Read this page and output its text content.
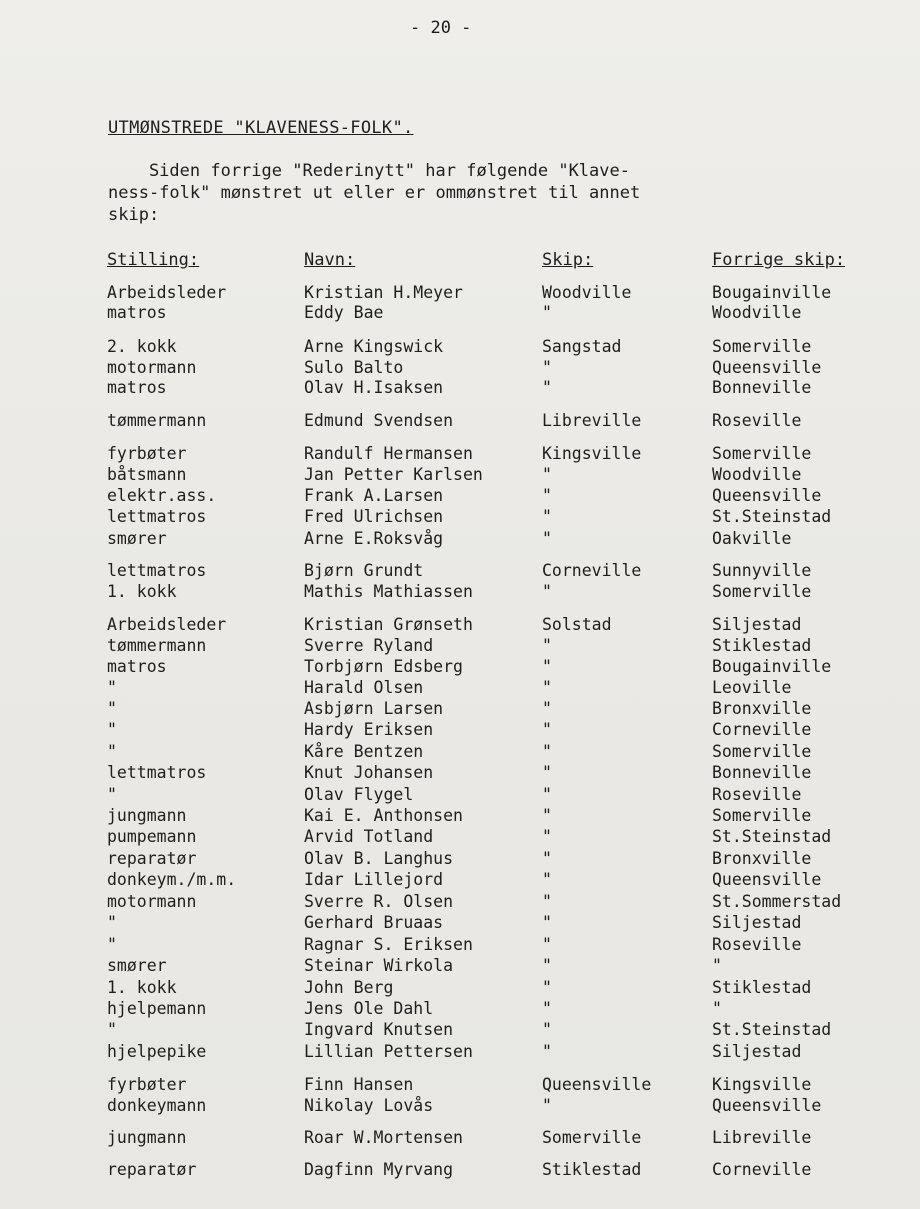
- 20 -
UTMØNSTREDE "KLAVENESS-FOLK".
Siden forrige "Rederinytt" har følgende "Klave-
ness-folk" mønstret ut eller er ommønstret til annet
skip:
Stilling:	Navn:	Skip:	Forrige skip:
Arbeidsleder	Kristian H.Meyer	Woodville	Bougainville
matros	Eddy Bae	"	Woodville
2. kokk	Arne Kingswick	Sangstad	Somerville
motormann	Sulo Balto	"	Queensville
matros	Olav H.Isaksen	"	Bonneville
tømmermann	Edmund Svendsen	Libreville	Roseville
fyrbøter	Randulf Hermansen	Kingsville	Somerville
båtsmann	Jan Petter Karlsen	"	Woodville
elektr.ass.	Frank A.Larsen	"	Queensville
lettmatros	Fred Ulrichsen	"	St.Steinstad
smører	Arne E.Roksvåg	"	Oakville
lettmatros	Bjørn Grundt	Corneville	Sunnyville
1. kokk	Mathis Mathiassen	"	Somerville
Arbeidsleder	Kristian Grønseth	Solstad	Siljestad
tømmermann	Sverre Ryland	"	Stiklestad
matros	Torbjørn Edsberg	"	Bougainville
"	Harald Olsen	"	Leoville
"	Asbjørn Larsen	"	Bronxville
"	Hardy Eriksen	"	Corneville
"	Kåre Bentzen	"	Somerville
lettmatros	Knut Johansen	"	Bonneville
"	Olav Flygel	"	Roseville
jungmann	Kai E. Anthonsen	"	Somerville
pumpemann	Arvid Totland	"	St.Steinstad
reparatør	Olav B. Langhus	"	Bronxville
donkeym./m.m.	Idar Lillejord	"	Queensville
motormann	Sverre R. Olsen	"	St.Sommerstad
"	Gerhard Bruaas	"	Siljestad
"	Ragnar S. Eriksen	"	Roseville
smører	Steinar Wirkola	"	"
1. kokk	John Berg	"	Stiklestad
hjelpemann	Jens Ole Dahl	"	"
"	Ingvard Knutsen	"	St.Steinstad
hjelpepike	Lillian Pettersen	"	Siljestad
fyrbøter	Finn Hansen	Queensville	Kingsville
donkeymann	Nikolay Lovås	"	Queensville
jungmann	Roar W.Mortensen	Somerville	Libreville
reparatør	Dagfinn Myrvang	Stiklestad	Corneville
